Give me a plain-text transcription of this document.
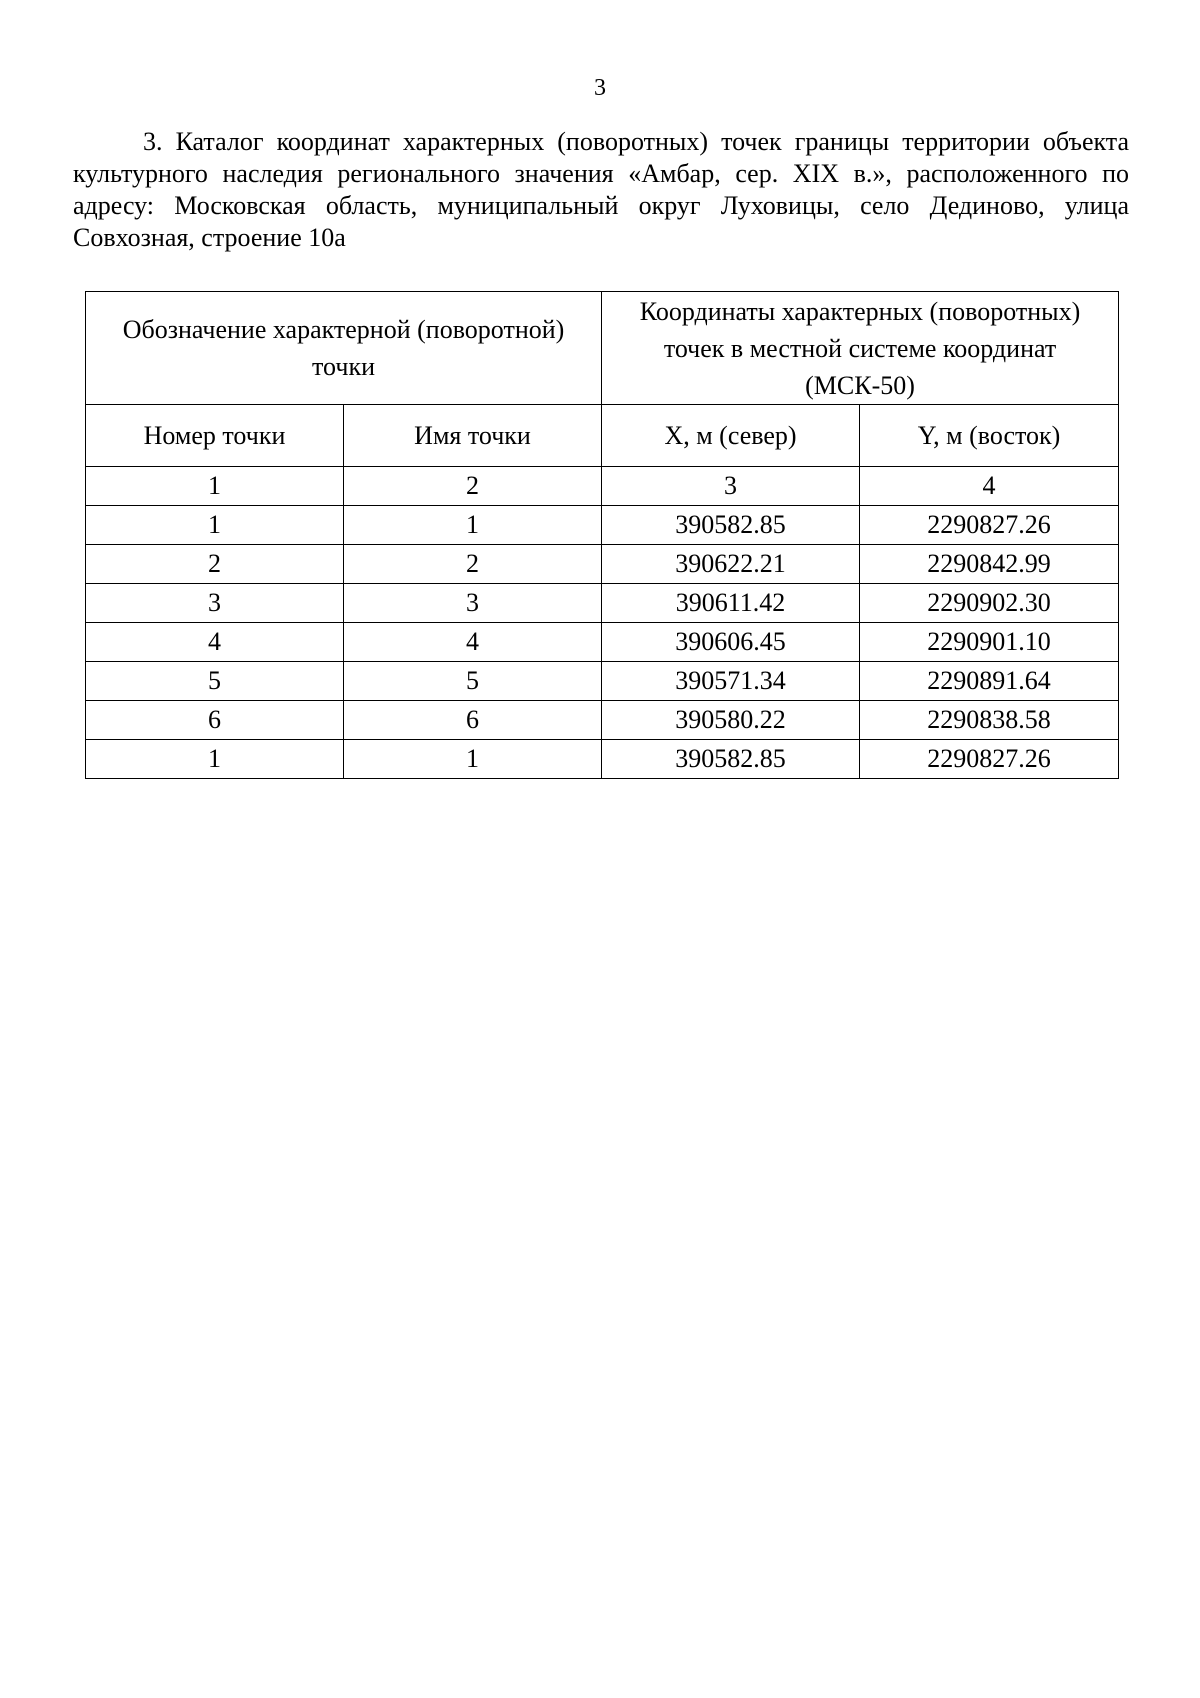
3

3. Каталог координат характерных (поворотных) точек границы территории объекта культурного наследия регионального значения «Амбар, сер. XIX в.», расположенного по адресу: Московская область, муниципальный округ Луховицы, село Дединово, улица Совхозная, строение 10а

Обозначение характерной (поворотной) точки		Координаты характерных (поворотных) точек в местной системе координат (МСК-50)	
Номер точки	Имя точки	X, м (север)	Y, м (восток)
1	2	3	4
1	1	390582.85	2290827.26
2	2	390622.21	2290842.99
3	3	390611.42	2290902.30
4	4	390606.45	2290901.10
5	5	390571.34	2290891.64
6	6	390580.22	2290838.58
1	1	390582.85	2290827.26
